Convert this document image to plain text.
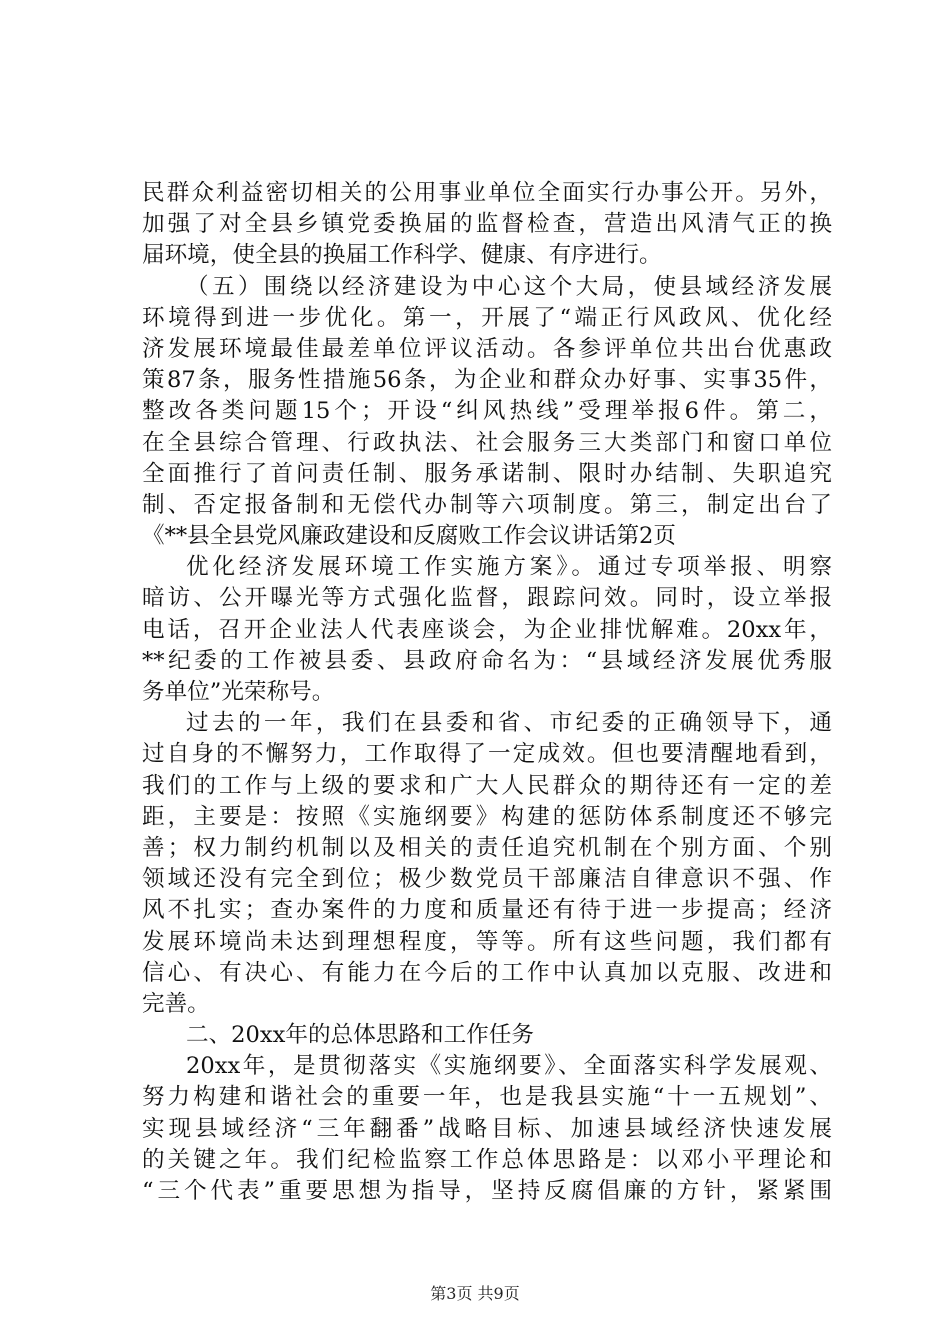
民群众利益密切相关的公用事业单位全面实行办事公开。另外，
加强了对全县乡镇党委换届的监督检查，营造出风清气正的换
届环境，使全县的换届工作科学、健康、有序进行。
（五）围绕以经济建设为中心这个大局，使县域经济发展
环境得到进一步优化。第一，开展了“端正行风政风、优化经
济发展环境最佳最差单位评议活动。各参评单位共出台优惠政
策87条，服务性措施56条，为企业和群众办好事、实事35件，
整改各类问题15个；开设“纠风热线”受理举报6件。第二，
在全县综合管理、行政执法、社会服务三大类部门和窗口单位
全面推行了首问责任制、服务承诺制、限时办结制、失职追究
制、否定报备制和无偿代办制等六项制度。第三，制定出台了
《**县全县党风廉政建设和反腐败工作会议讲话第2页
优化经济发展环境工作实施方案》。通过专项举报、明察
暗访、公开曝光等方式强化监督，跟踪问效。同时，设立举报
电话，召开企业法人代表座谈会，为企业排忧解难。20xx年，
**纪委的工作被县委、县政府命名为：“县域经济发展优秀服
务单位”光荣称号。
过去的一年，我们在县委和省、市纪委的正确领导下，通
过自身的不懈努力，工作取得了一定成效。但也要清醒地看到，
我们的工作与上级的要求和广大人民群众的期待还有一定的差
距，主要是：按照《实施纲要》构建的惩防体系制度还不够完
善；权力制约机制以及相关的责任追究机制在个别方面、个别
领域还没有完全到位；极少数党员干部廉洁自律意识不强、作
风不扎实；查办案件的力度和质量还有待于进一步提高；经济
发展环境尚未达到理想程度，等等。所有这些问题，我们都有
信心、有决心、有能力在今后的工作中认真加以克服、改进和
完善。
二、20xx年的总体思路和工作任务
20xx年，是贯彻落实《实施纲要》、全面落实科学发展观、
努力构建和谐社会的重要一年，也是我县实施“十一五规划”、
实现县域经济“三年翻番”战略目标、加速县域经济快速发展
的关键之年。我们纪检监察工作总体思路是：以邓小平理论和
“三个代表”重要思想为指导，坚持反腐倡廉的方针，紧紧围
第3页 共9页
